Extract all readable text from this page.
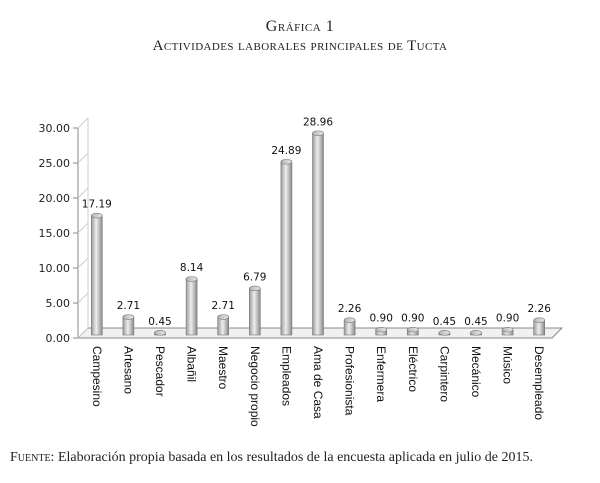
Gráfica 1
Actividades laborales principales de Tucta
0.00
5.00
10.00
15.00
20.00
25.00
30.00
17.19
Campesino
2.71
Artesano
0.45
Pescador
8.14
Albañil
2.71
Maestro
6.79
Negocio propio
24.89
Empleados
28.96
Ama de Casa
2.26
Profesionista
0.90
Enfermera
0.90
Eléctrico
0.45
Carpintero
0.45
Mecánico
0.90
Músico
2.26
Desempleado
Fuente: Elaboración propia basada en los resultados de la encuesta aplicada en julio de 2015.
